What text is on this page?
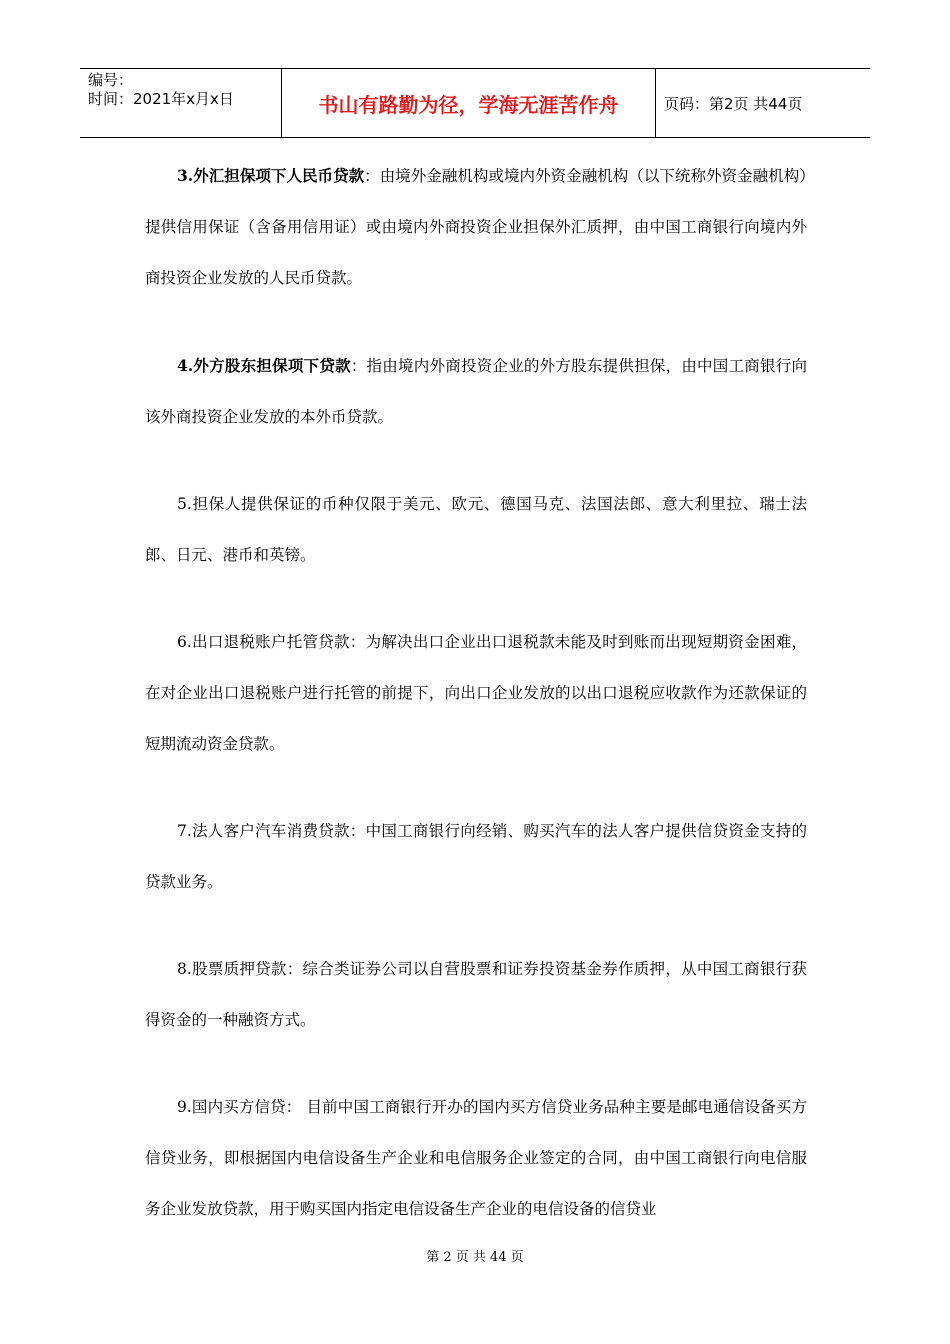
编号：
时间：2021年x月x日	书山有路勤为径，学海无涯苦作舟	页码：第2页 共44页

3.外汇担保项下人民币贷款：由境外金融机构或境内外资金融机构（以下统称外资金融机构）提供信用保证（含备用信用证）或由境内外商投资企业担保外汇质押，由中国工商银行向境内外商投资企业发放的人民币贷款。

4.外方股东担保项下贷款：指由境内外商投资企业的外方股东提供担保，由中国工商银行向该外商投资企业发放的本外币贷款。

5.担保人提供保证的币种仅限于美元、欧元、德国马克、法国法郎、意大利里拉、瑞士法郎、日元、港币和英镑。

6.出口退税账户托管贷款：为解决出口企业出口退税款未能及时到账而出现短期资金困难，在对企业出口退税账户进行托管的前提下，向出口企业发放的以出口退税应收款作为还款保证的短期流动资金贷款。

7.法人客户汽车消费贷款：中国工商银行向经销、购买汽车的法人客户提供信贷资金支持的贷款业务。

8.股票质押贷款：综合类证券公司以自营股票和证券投资基金券作质押，从中国工商银行获得资金的一种融资方式。

9.国内买方信贷： 目前中国工商银行开办的国内买方信贷业务品种主要是邮电通信设备买方信贷业务，即根据国内电信设备生产企业和电信服务企业签定的合同，由中国工商银行向电信服务企业发放贷款，用于购买国内指定电信设备生产企业的电信设备的信贷业

第 2 页 共 44 页
